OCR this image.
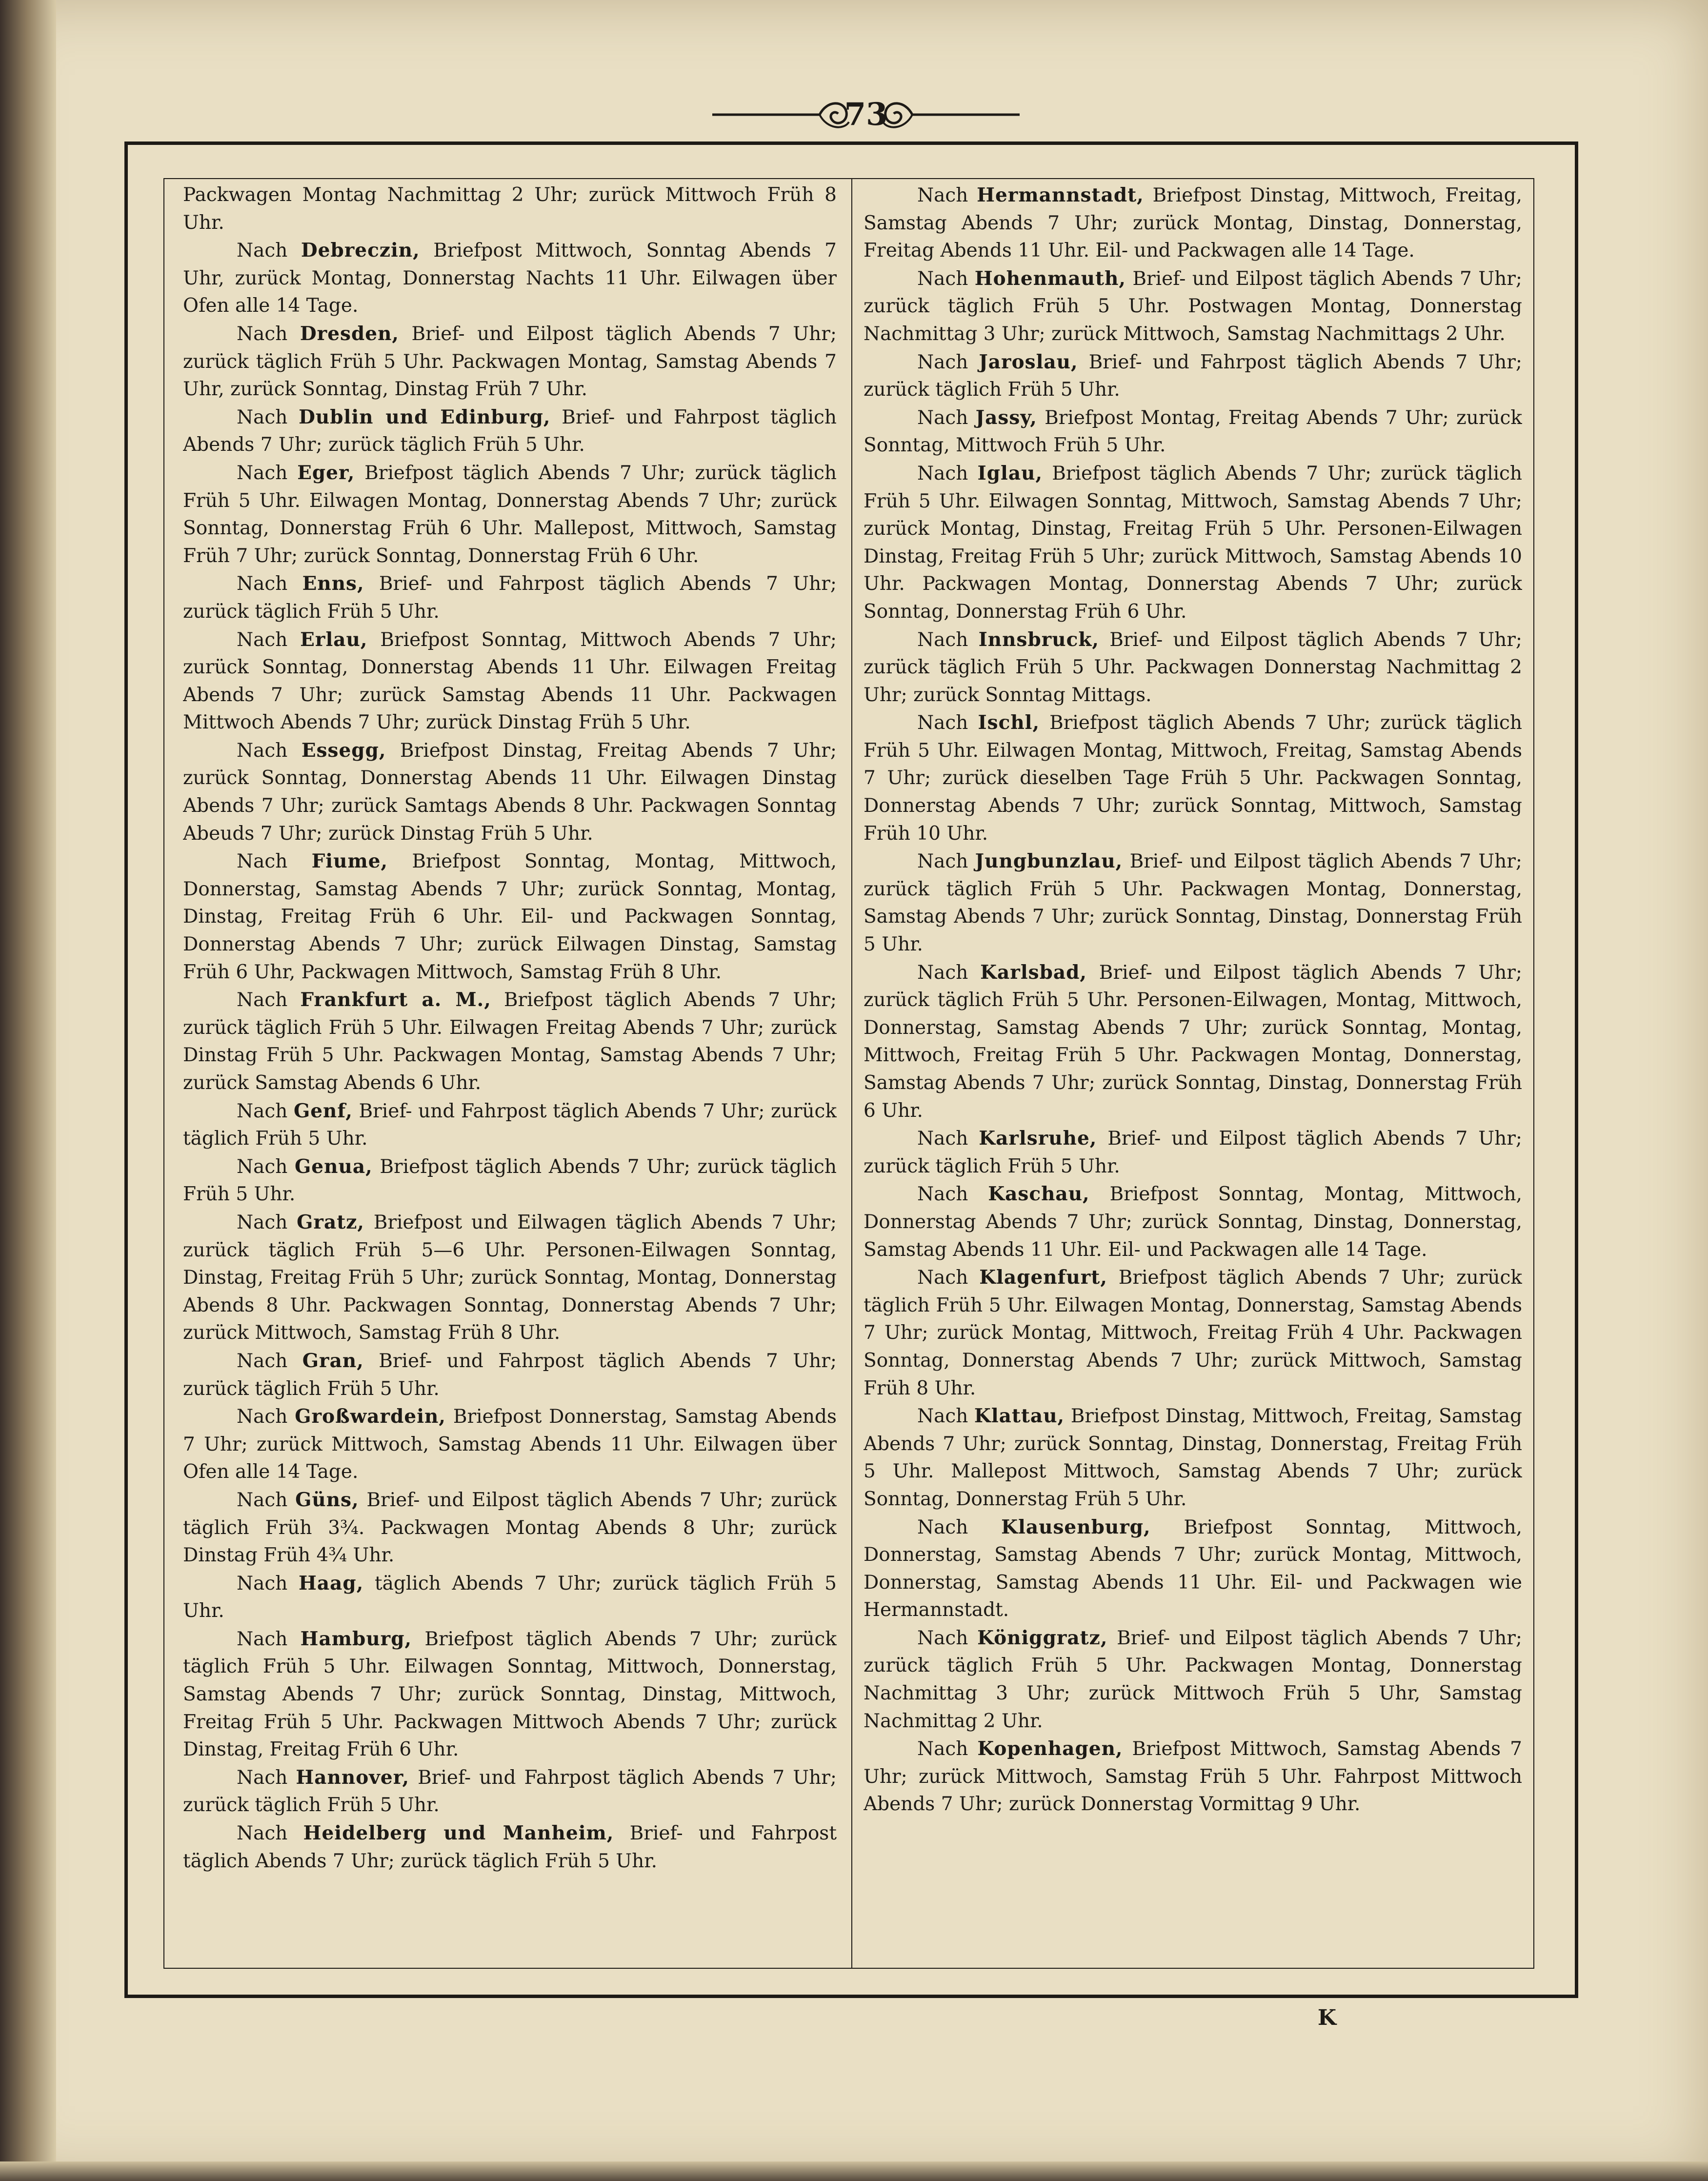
73

Packwagen Montag Nachmittag 2 Uhr; zurück Mittwoch Früh 8 Uhr.

Nach Debreczin, Briefpost Mittwoch, Sonntag Abends 7 Uhr, zurück Montag, Donnerstag Nachts 11 Uhr. Eilwagen über Ofen alle 14 Tage.

Nach Dresden, Brief- und Eilpost täglich Abends 7 Uhr; zurück täglich Früh 5 Uhr. Packwagen Montag, Samstag Abends 7 Uhr, zurück Sonntag, Dinstag Früh 7 Uhr.

Nach Dublin und Edinburg, Brief- und Fahrpost täglich Abends 7 Uhr; zurück täglich Früh 5 Uhr.

Nach Eger, Briefpost täglich Abends 7 Uhr; zurück täglich Früh 5 Uhr. Eilwagen Montag, Donnerstag Abends 7 Uhr; zurück Sonntag, Donnerstag Früh 6 Uhr. Mallepost, Mittwoch, Samstag Früh 7 Uhr; zurück Sonntag, Donnerstag Früh 6 Uhr.

Nach Enns, Brief- und Fahrpost täglich Abends 7 Uhr; zurück täglich Früh 5 Uhr.

Nach Erlau, Briefpost Sonntag, Mittwoch Abends 7 Uhr; zurück Sonntag, Donnerstag Abends 11 Uhr. Eilwagen Freitag Abends 7 Uhr; zurück Samstag Abends 11 Uhr. Packwagen Mittwoch Abends 7 Uhr; zurück Dinstag Früh 5 Uhr.

Nach Essegg, Briefpost Dinstag, Freitag Abends 7 Uhr; zurück Sonntag, Donnerstag Abends 11 Uhr. Eilwagen Dinstag Abends 7 Uhr; zurück Samtags Abends 8 Uhr. Packwagen Sonntag Abeuds 7 Uhr; zurück Dinstag Früh 5 Uhr.

Nach Fiume, Briefpost Sonntag, Montag, Mittwoch, Donnerstag, Samstag Abends 7 Uhr; zurück Sonntag, Montag, Dinstag, Freitag Früh 6 Uhr. Eil- und Packwagen Sonntag, Donnerstag Abends 7 Uhr; zurück Eilwagen Dinstag, Samstag Früh 6 Uhr, Packwagen Mittwoch, Samstag Früh 8 Uhr.

Nach Frankfurt a. M., Briefpost täglich Abends 7 Uhr; zurück täglich Früh 5 Uhr. Eilwagen Freitag Abends 7 Uhr; zurück Dinstag Früh 5 Uhr. Packwagen Montag, Samstag Abends 7 Uhr; zurück Samstag Abends 6 Uhr.

Nach Genf, Brief- und Fahrpost täglich Abends 7 Uhr; zurück täglich Früh 5 Uhr.

Nach Genua, Briefpost täglich Abends 7 Uhr; zurück täglich Früh 5 Uhr.

Nach Gratz, Briefpost und Eilwagen täglich Abends 7 Uhr; zurück täglich Früh 5—6 Uhr. Personen-Eilwagen Sonntag, Dinstag, Freitag Früh 5 Uhr; zurück Sonntag, Montag, Donnerstag Abends 8 Uhr. Packwagen Sonntag, Donnerstag Abends 7 Uhr; zurück Mittwoch, Samstag Früh 8 Uhr.

Nach Gran, Brief- und Fahrpost täglich Abends 7 Uhr; zurück täglich Früh 5 Uhr.

Nach Großwardein, Briefpost Donnerstag, Samstag Abends 7 Uhr; zurück Mittwoch, Samstag Abends 11 Uhr. Eilwagen über Ofen alle 14 Tage.

Nach Güns, Brief- und Eilpost täglich Abends 7 Uhr; zurück täglich Früh 3¾. Packwagen Montag Abends 8 Uhr; zurück Dinstag Früh 4¾ Uhr.

Nach Haag, täglich Abends 7 Uhr; zurück täglich Früh 5 Uhr.

Nach Hamburg, Briefpost täglich Abends 7 Uhr; zurück täglich Früh 5 Uhr. Eilwagen Sonntag, Mittwoch, Donnerstag, Samstag Abends 7 Uhr; zurück Sonntag, Dinstag, Mittwoch, Freitag Früh 5 Uhr. Packwagen Mittwoch Abends 7 Uhr; zurück Dinstag, Freitag Früh 6 Uhr.

Nach Hannover, Brief- und Fahrpost täglich Abends 7 Uhr; zurück täglich Früh 5 Uhr.

Nach Heidelberg und Manheim, Brief- und Fahrpost täglich Abends 7 Uhr; zurück täglich Früh 5 Uhr.

Nach Hermannstadt, Briefpost Dinstag, Mittwoch, Freitag, Samstag Abends 7 Uhr; zurück Montag, Dinstag, Donnerstag, Freitag Abends 11 Uhr. Eil- und Packwagen alle 14 Tage.

Nach Hohenmauth, Brief- und Eilpost täglich Abends 7 Uhr; zurück täglich Früh 5 Uhr. Postwagen Montag, Donnerstag Nachmittag 3 Uhr; zurück Mittwoch, Samstag Nachmittags 2 Uhr.

Nach Jaroslau, Brief- und Fahrpost täglich Abends 7 Uhr; zurück täglich Früh 5 Uhr.

Nach Jassy, Briefpost Montag, Freitag Abends 7 Uhr; zurück Sonntag, Mittwoch Früh 5 Uhr.

Nach Iglau, Briefpost täglich Abends 7 Uhr; zurück täglich Früh 5 Uhr. Eilwagen Sonntag, Mittwoch, Samstag Abends 7 Uhr; zurück Montag, Dinstag, Freitag Früh 5 Uhr. Personen-Eilwagen Dinstag, Freitag Früh 5 Uhr; zurück Mittwoch, Samstag Abends 10 Uhr. Packwagen Montag, Donnerstag Abends 7 Uhr; zurück Sonntag, Donnerstag Früh 6 Uhr.

Nach Innsbruck, Brief- und Eilpost täglich Abends 7 Uhr; zurück täglich Früh 5 Uhr. Packwagen Donnerstag Nachmittag 2 Uhr; zurück Sonntag Mittags.

Nach Ischl, Briefpost täglich Abends 7 Uhr; zurück täglich Früh 5 Uhr. Eilwagen Montag, Mittwoch, Freitag, Samstag Abends 7 Uhr; zurück dieselben Tage Früh 5 Uhr. Packwagen Sonntag, Donnerstag Abends 7 Uhr; zurück Sonntag, Mittwoch, Samstag Früh 10 Uhr.

Nach Jungbunzlau, Brief- und Eilpost täglich Abends 7 Uhr; zurück täglich Früh 5 Uhr. Packwagen Montag, Donnerstag, Samstag Abends 7 Uhr; zurück Sonntag, Dinstag, Donnerstag Früh 5 Uhr.

Nach Karlsbad, Brief- und Eilpost täglich Abends 7 Uhr; zurück täglich Früh 5 Uhr. Personen-Eilwagen, Montag, Mittwoch, Donnerstag, Samstag Abends 7 Uhr; zurück Sonntag, Montag, Mittwoch, Freitag Früh 5 Uhr. Packwagen Montag, Donnerstag, Samstag Abends 7 Uhr; zurück Sonntag, Dinstag, Donnerstag Früh 6 Uhr.

Nach Karlsruhe, Brief- und Eilpost täglich Abends 7 Uhr; zurück täglich Früh 5 Uhr.

Nach Kaschau, Briefpost Sonntag, Montag, Mittwoch, Donnerstag Abends 7 Uhr; zurück Sonntag, Dinstag, Donnerstag, Samstag Abends 11 Uhr. Eil- und Packwagen alle 14 Tage.

Nach Klagenfurt, Briefpost täglich Abends 7 Uhr; zurück täglich Früh 5 Uhr. Eilwagen Montag, Donnerstag, Samstag Abends 7 Uhr; zurück Montag, Mittwoch, Freitag Früh 4 Uhr. Packwagen Sonntag, Donnerstag Abends 7 Uhr; zurück Mittwoch, Samstag Früh 8 Uhr.

Nach Klattau, Briefpost Dinstag, Mittwoch, Freitag, Samstag Abends 7 Uhr; zurück Sonntag, Dinstag, Donnerstag, Freitag Früh 5 Uhr. Mallepost Mittwoch, Samstag Abends 7 Uhr; zurück Sonntag, Donnerstag Früh 5 Uhr.

Nach Klausenburg, Briefpost Sonntag, Mittwoch, Donnerstag, Samstag Abends 7 Uhr; zurück Montag, Mittwoch, Donnerstag, Samstag Abends 11 Uhr. Eil- und Packwagen wie Hermannstadt.

Nach Königgratz, Brief- und Eilpost täglich Abends 7 Uhr; zurück täglich Früh 5 Uhr. Packwagen Montag, Donnerstag Nachmittag 3 Uhr; zurück Mittwoch Früh 5 Uhr, Samstag Nachmittag 2 Uhr.

Nach Kopenhagen, Briefpost Mittwoch, Samstag Abends 7 Uhr; zurück Mittwoch, Samstag Früh 5 Uhr. Fahrpost Mittwoch Abends 7 Uhr; zurück Donnerstag Vormittag 9 Uhr.

K
